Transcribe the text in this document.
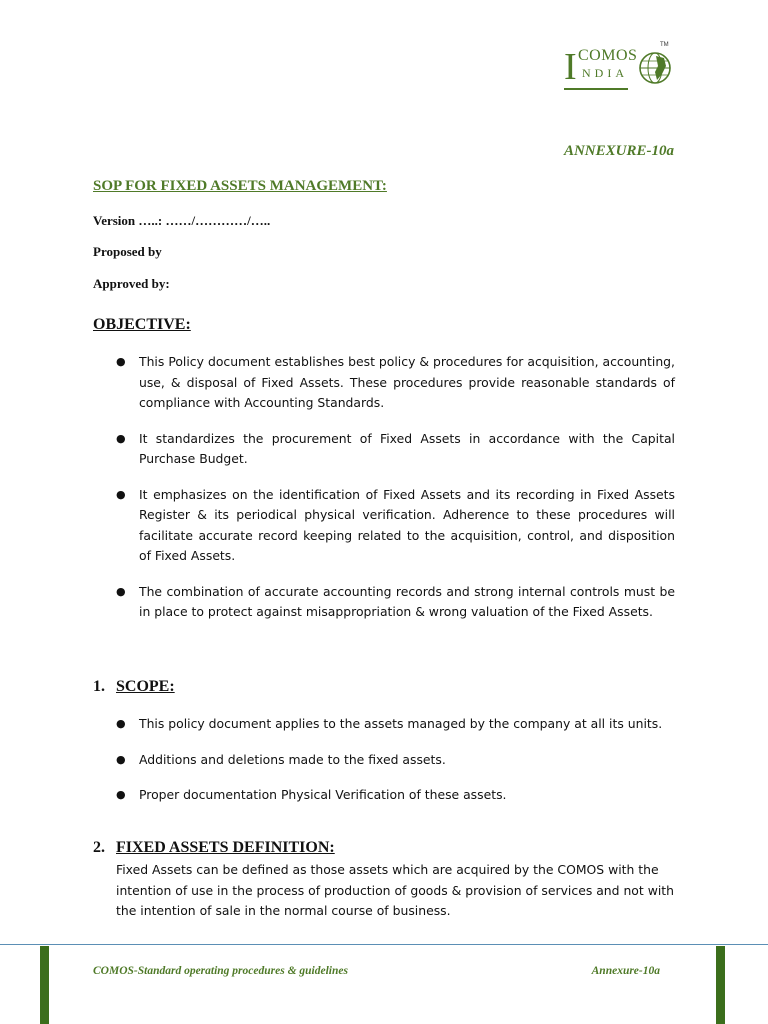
I COMOS
NDIA
TM
ANNEXURE-10a
SOP FOR FIXED ASSETS MANAGEMENT:
Version …..: ……/…………/…..
Proposed by
Approved by:
OBJECTIVE:
● This Policy document establishes best policy & procedures for acquisition, accounting, use, & disposal of Fixed Assets. These procedures provide reasonable standards of compliance with Accounting Standards.
● It standardizes the procurement of Fixed Assets in accordance with the Capital Purchase Budget.
● It emphasizes on the identification of Fixed Assets and its recording in Fixed Assets Register & its periodical physical verification. Adherence to these procedures will facilitate accurate record keeping related to the acquisition, control, and disposition of Fixed Assets.
● The combination of accurate accounting records and strong internal controls must be in place to protect against misappropriation & wrong valuation of the Fixed Assets.
1. SCOPE:
● This policy document applies to the assets managed by the company at all its units.
● Additions and deletions made to the fixed assets.
● Proper documentation Physical Verification of these assets.
2. FIXED ASSETS DEFINITION:
Fixed Assets can be defined as those assets which are acquired by the COMOS with the intention of use in the process of production of goods & provision of services and not with the intention of sale in the normal course of business.
COMOS-Standard operating procedures & guidelines	Annexure-10a
